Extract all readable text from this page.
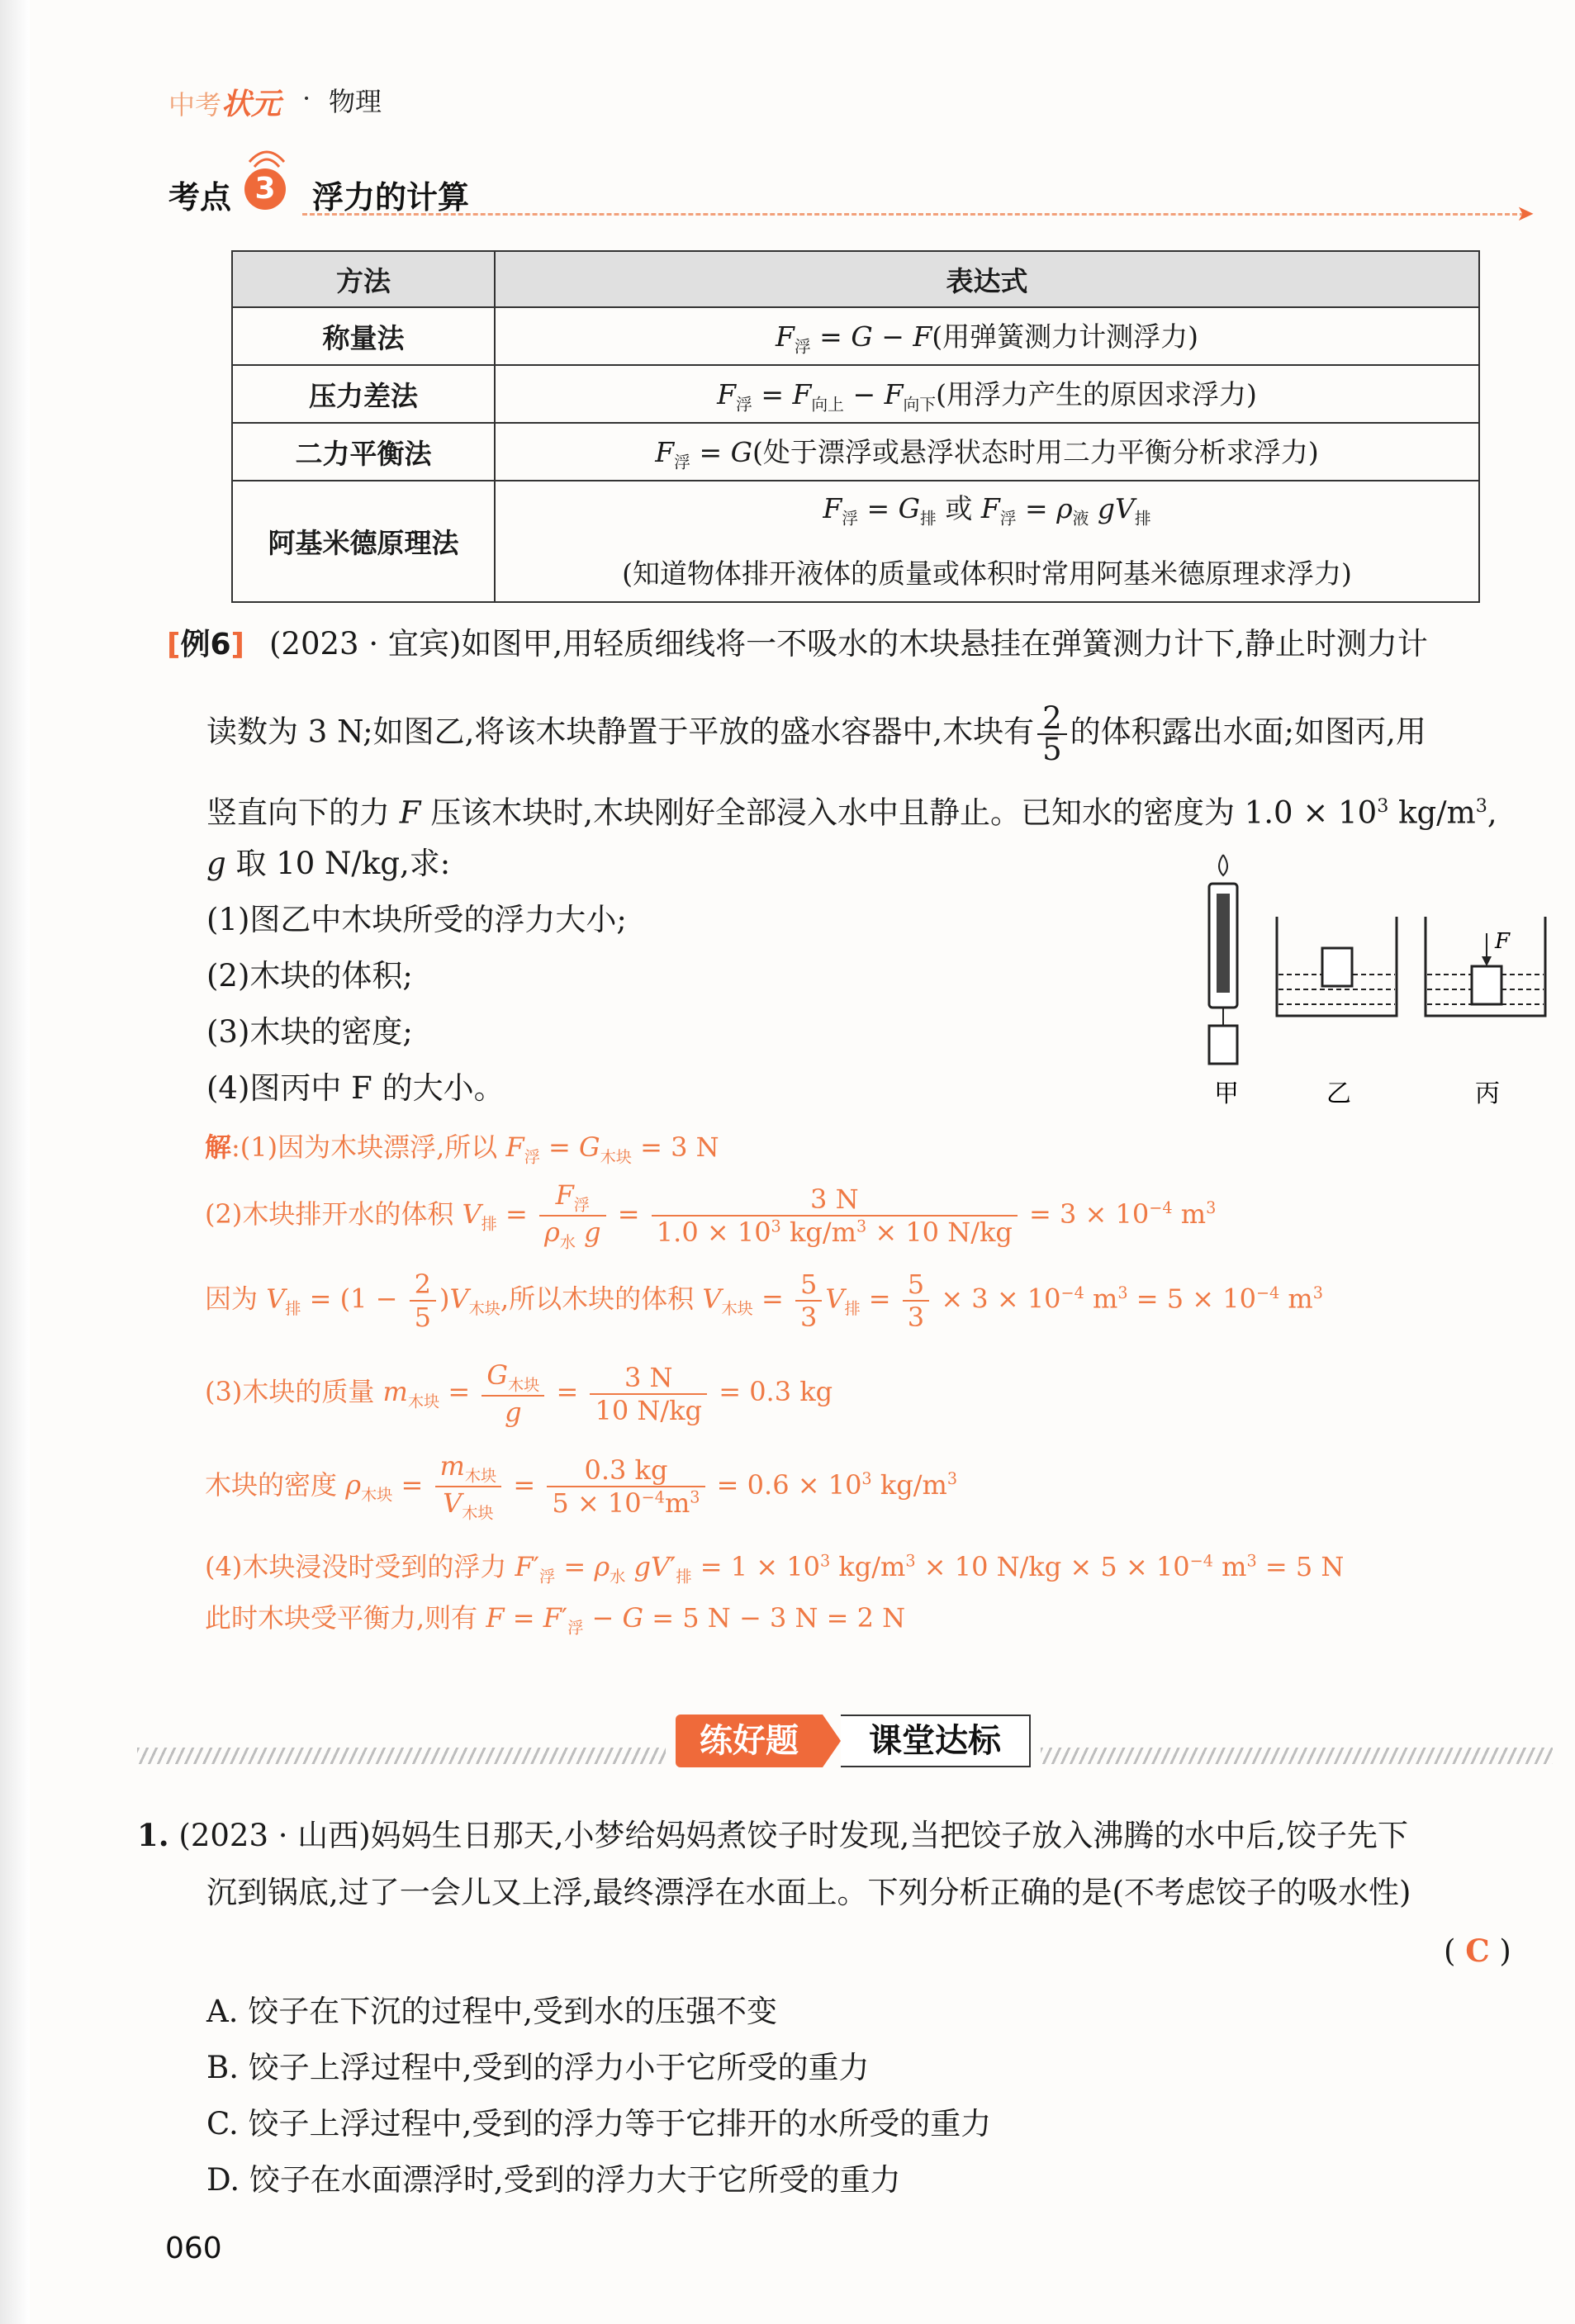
中考状元 · 物理
考点 3	浮力的计算	➤
方法	表达式
称量法	$F_浮 = G - F$(用弹簧测力计测浮力)
压力差法	$F_浮 = F_{向上} - F_{向下}$(用浮力产生的原因求浮力)
二力平衡法	$F_浮 = G$(处于漂浮或悬浮状态时用二力平衡分析求浮力)
阿基米德原理法	$F_浮 = G_排$ 或 $F_浮 = \rho_液$ $gV_排$
(知道物体排开液体的质量或体积时常用阿基米德原理求浮力)
[例6] (2023 · 宜宾)如图甲,用轻质细线将一不吸水的木块悬挂在弹簧测力计下,静止时测力计
读数为 3 N;如图乙,将该木块静置于平放的盛水容器中,木块有 $\frac{2}{5}$ 的体积露出水面;如图丙,用
竖直向下的力 F 压该木块时,木块刚好全部浸入水中且静止。已知水的密度为 $1.0 \times 10^3$ $kg/m^3$,
g 取 10 N/kg,求:
(1)图乙中木块所受的浮力大小;
(2)木块的体积;
(3)木块的密度;
(4)图丙中 F 的大小。
F
甲	乙	丙
解:(1)因为木块漂浮,所以 $F_浮 = G_{木块} = 3$ N
(2)木块排开水的体积 $V_排 = \frac{F_浮}{\rho_水 g} = \frac{3 N}{1.0 \times 10^3 kg/m^3 \times 10 N/kg} = 3 \times 10^{-4}$ $m^3$
因为 $V_排 = (1 - \frac{2}{5} )V_{木块}$,所以木块的体积 $V_{木块} = \frac{5}{3} V_排 = \frac{5}{3} \times 3 \times 10^{-4}$ $m^3 = 5 \times 10^{-4}$ $m^3$
(3)木块的质量 $m_{木块} = \frac{G_{木块}}{g} = \frac{3 N}{10 N/kg} = 0.3$ kg
木块的密度 $\rho_{木块} = \frac{m_{木块}}{V_{木块}} = \frac{0.3 kg}{5 \times 10^{-4}m^3} = 0.6 \times 10^3$ $kg/m^3$
(4)木块浸没时受到的浮力 $F'_浮 = \rho_水$ $gV'_排 = 1 \times 10^3$ $kg/m^3 \times 10$ $N/kg \times 5 \times 10^{-4}$ $m^3 = 5$ N
此时木块受平衡力,则有 $F = F'_浮 - G = 5$ N − 3 N = 2 N
练好题	课堂达标
1. (2023 · 山西)妈妈生日那天,小梦给妈妈煮饺子时发现,当把饺子放入沸腾的水中后,饺子先下
沉到锅底,过了一会儿又上浮,最终漂浮在水面上。下列分析正确的是(不考虑饺子的吸水性)
( C )
A. 饺子在下沉的过程中,受到水的压强不变
B. 饺子上浮过程中,受到的浮力小于它所受的重力
C. 饺子上浮过程中,受到的浮力等于它排开的水所受的重力
D. 饺子在水面漂浮时,受到的浮力大于它所受的重力
060
